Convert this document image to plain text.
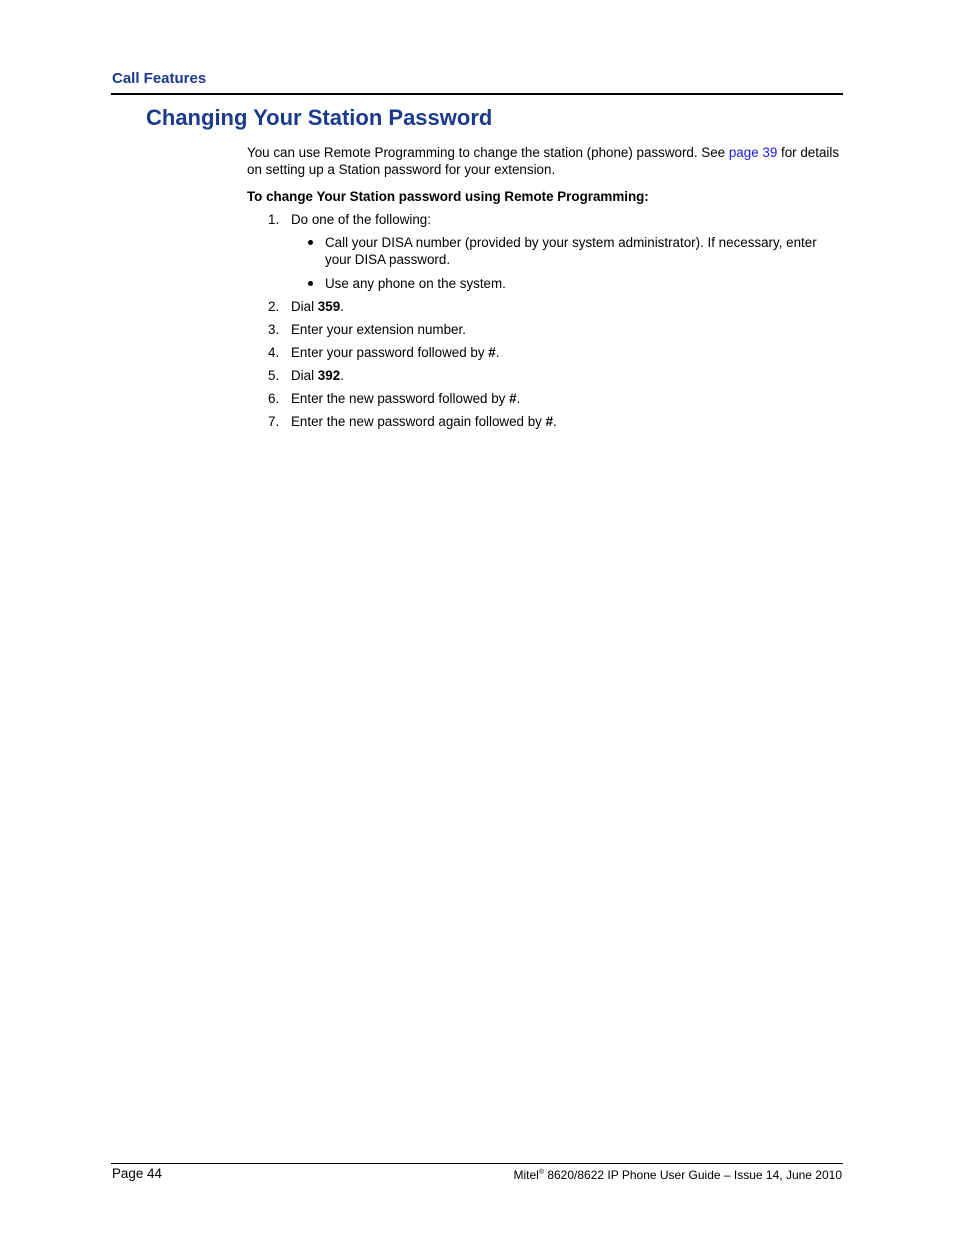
Call Features
Changing Your Station Password

You can use Remote Programming to change the station (phone) password. See page 39 for details on setting up a Station password for your extension.

To change Your Station password using Remote Programming:

1. Do one of the following:
Call your DISA number (provided by your system administrator). If necessary, enter your DISA password.
Use any phone on the system.
2. Dial 359.
3. Enter your extension number.
4. Enter your password followed by #.
5. Dial 392.
6. Enter the new password followed by #.
7. Enter the new password again followed by #.
Page 44	Mitel® 8620/8622 IP Phone User Guide – Issue 14, June 2010
